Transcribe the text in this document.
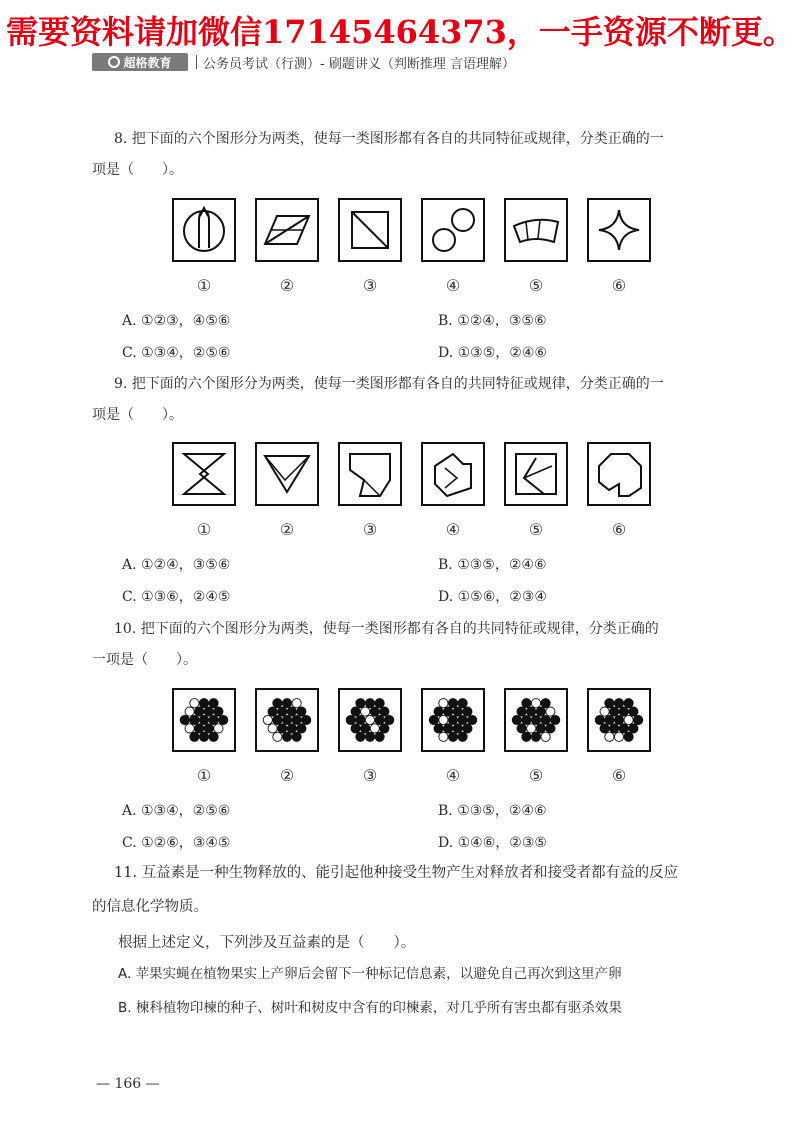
需要资料请加微信17145464373，一手资源不断更。
超格教育 公务员考试（行测）- 刷题讲义（判断推理 言语理解）
8. 把下面的六个图形分为两类，使每一类图形都有各自的共同特征或规律，分类正确的一
项是（　　）。
①	②	③	④	⑤	⑥
A. ①②③，④⑤⑥	B. ①②④，③⑤⑥
C. ①③④，②⑤⑥	D. ①③⑤，②④⑥
9. 把下面的六个图形分为两类，使每一类图形都有各自的共同特征或规律，分类正确的一
项是（　　）。
①	②	③	④	⑤	⑥
A. ①②④，③⑤⑥	B. ①③⑤，②④⑥
C. ①③⑥，②④⑤	D. ①⑤⑥，②③④
10. 把下面的六个图形分为两类，使每一类图形都有各自的共同特征或规律，分类正确的
一项是（　　）。
①	②	③	④	⑤	⑥
A. ①③④，②⑤⑥	B. ①③⑤，②④⑥
C. ①②⑥，③④⑤	D. ①④⑥，②③⑤
11. 互益素是一种生物释放的、能引起他种接受生物产生对释放者和接受者都有益的反应
的信息化学物质。
根据上述定义，下列涉及互益素的是（　　）。
A. 苹果实蝇在植物果实上产卵后会留下一种标记信息素，以避免自己再次到这里产卵
B. 楝科植物印楝的种子、树叶和树皮中含有的印楝素，对几乎所有害虫都有驱杀效果
— 166 —
